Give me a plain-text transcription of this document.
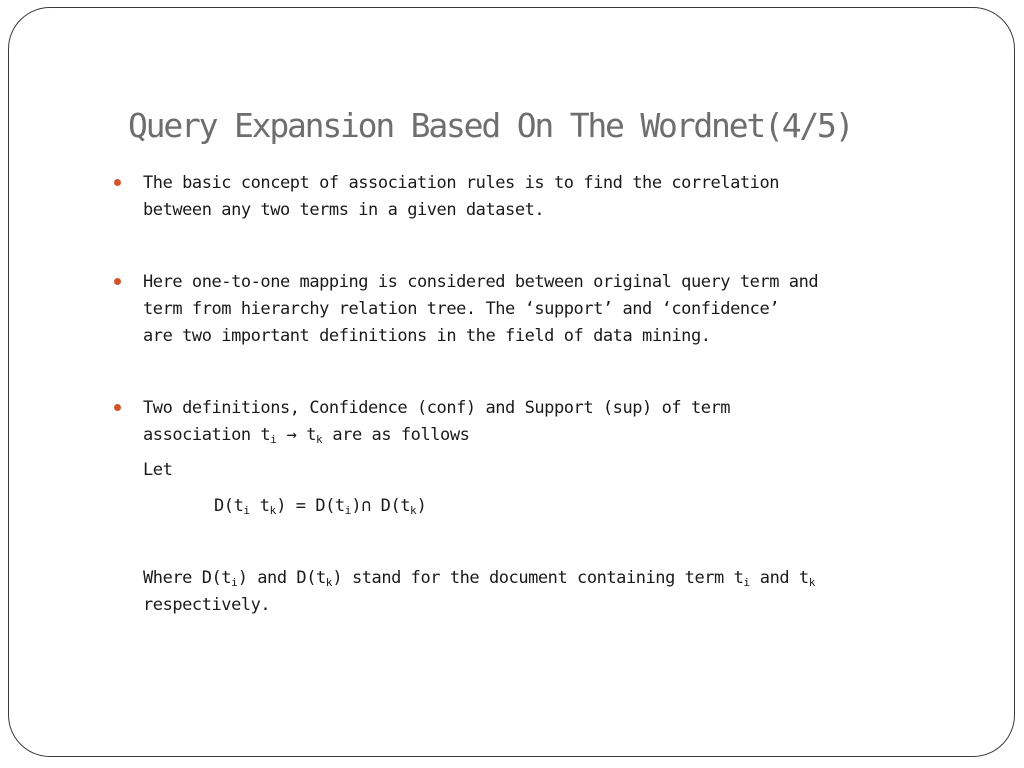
Query Expansion Based On The Wordnet(4/5)
The basic concept of association rules is to find the correlation
between any two terms in a given dataset.
Here one-to-one mapping is considered between original query term and
term from hierarchy relation tree. The ‘support’ and ‘confidence’
are two important definitions in the field of data mining.
Two definitions, Confidence (conf) and Support (sup) of term
association $t_i \to t_k$ are as follows
Let
$D(t_i$ $t_k$) = $D(t_i)\cap$ $D(t_k)$
Where $D(t_i)$ and $D(t_k)$ stand for the document containing term $t_i$ and $t_k$
respectively.
